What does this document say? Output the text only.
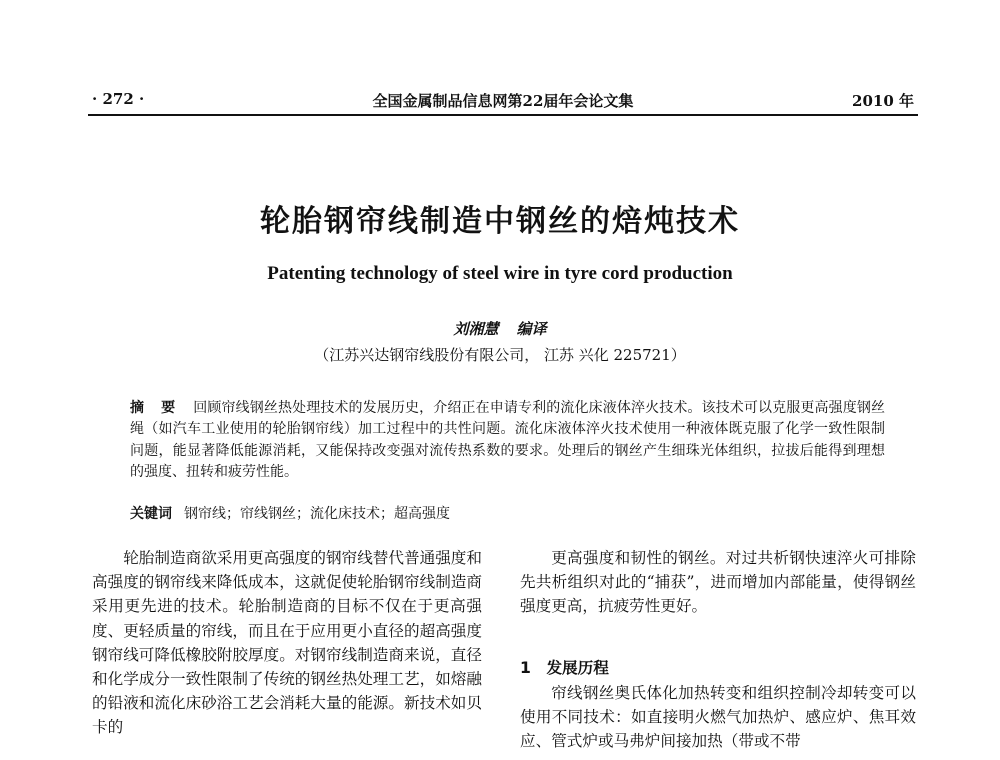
· 272 ·	全国金属制品信息网第22届年会论文集	2010 年
轮胎钢帘线制造中钢丝的焙炖技术
Patenting technology of steel wire in tyre cord production
刘湘慧 编译
（江苏兴达钢帘线股份有限公司， 江苏 兴化 225721）
摘 要 回顾帘线钢丝热处理技术的发展历史，介绍正在申请专利的流化床液体淬火技术。该技术可以克服更高强度钢丝绳（如汽车工业使用的轮胎钢帘线）加工过程中的共性问题。流化床液体淬火技术使用一种液体既克服了化学一致性限制问题，能显著降低能源消耗，又能保持改变强对流传热系数的要求。处理后的钢丝产生细珠光体组织，拉拔后能得到理想的强度、扭转和疲劳性能。
关键词 钢帘线；帘线钢丝；流化床技术；超高强度
轮胎制造商欲采用更高强度的钢帘线替代普通强度和高强度的钢帘线来降低成本，这就促使轮胎钢帘线制造商采用更先进的技术。轮胎制造商的目标不仅在于更高强度、更轻质量的帘线，而且在于应用更小直径的超高强度钢帘线可降低橡胶附胶厚度。对钢帘线制造商来说，直径和化学成分一致性限制了传统的钢丝热处理工艺，如熔融的铅液和流化床砂浴工艺会消耗大量的能源。新技术如贝卡的
更高强度和韧性的钢丝。对过共析钢快速淬火可排除先共析组织对此的“捕获”，进而增加内部能量，使得钢丝强度更高，抗疲劳性更好。
1　发展历程
帘线钢丝奥氏体化加热转变和组织控制冷却转变可以使用不同技术：如直接明火燃气加热炉、感应炉、焦耳效应、管式炉或马弗炉间接加热（带或不带
